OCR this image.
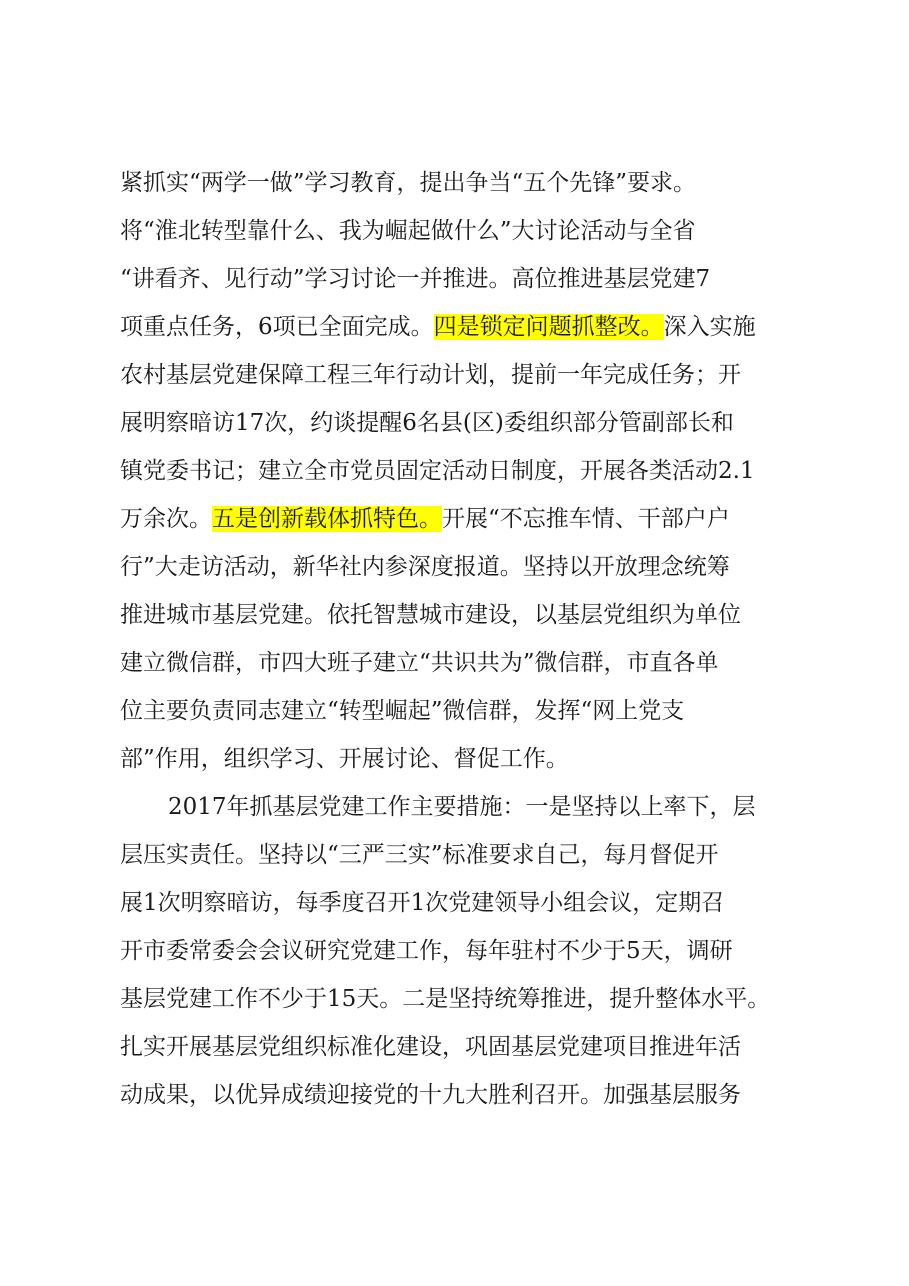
紧抓实“两学一做”学习教育，提出争当“五个先锋”要求。
将“淮北转型靠什么、我为崛起做什么”大讨论活动与全省
“讲看齐、见行动”学习讨论一并推进。高位推进基层党建7
项重点任务，6项已全面完成。四是锁定问题抓整改。深入实施
农村基层党建保障工程三年行动计划，提前一年完成任务；开
展明察暗访17次，约谈提醒6名县(区)委组织部分管副部长和
镇党委书记；建立全市党员固定活动日制度，开展各类活动2.1
万余次。五是创新载体抓特色。开展“不忘推车情、干部户户
行”大走访活动，新华社内参深度报道。坚持以开放理念统筹
推进城市基层党建。依托智慧城市建设，以基层党组织为单位
建立微信群，市四大班子建立“共识共为”微信群，市直各单
位主要负责同志建立“转型崛起”微信群，发挥“网上党支
部”作用，组织学习、开展讨论、督促工作。
2017年抓基层党建工作主要措施：一是坚持以上率下，层
层压实责任。坚持以“三严三实”标准要求自己，每月督促开
展1次明察暗访，每季度召开1次党建领导小组会议，定期召
开市委常委会会议研究党建工作，每年驻村不少于5天，调研
基层党建工作不少于15天。二是坚持统筹推进，提升整体水平。
扎实开展基层党组织标准化建设，巩固基层党建项目推进年活
动成果，以优异成绩迎接党的十九大胜利召开。加强基层服务
